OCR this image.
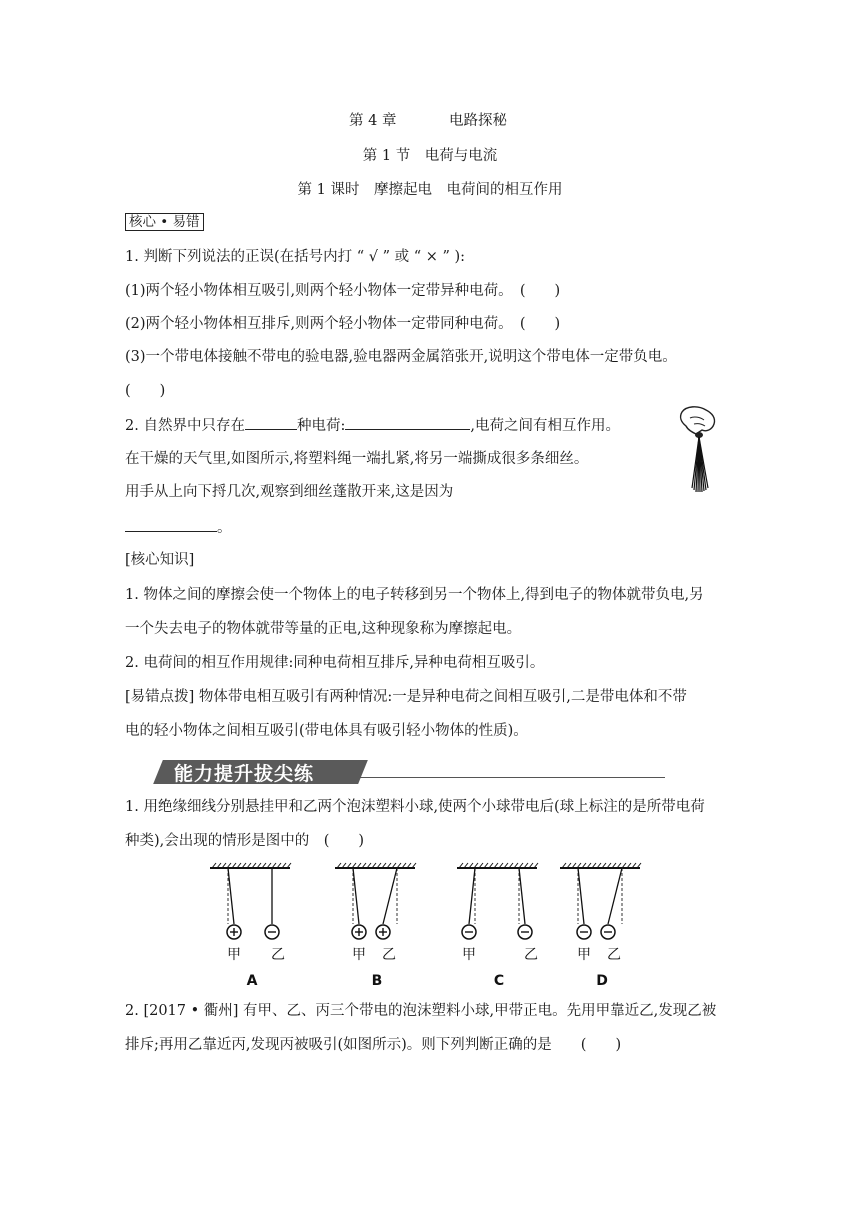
第 4 章	电路探秘
第 1 节　电荷与电流
第 1 课时　摩擦起电　电荷间的相互作用
核心 • 易错
1. 判断下列说法的正误(在括号内打 “ √ ” 或 “ × ” ):
(1)两个轻小物体相互吸引,则两个轻小物体一定带异种电荷。　(　　)
(2)两个轻小物体相互排斥,则两个轻小物体一定带同种电荷。　(　　)
(3)一个带电体接触不带电的验电器,验电器两金属箔张开,说明这个带电体一定带负电。
(　　)
2. 自然界中只存在	种电荷:	,电荷之间有相互作用。
在干燥的天气里,如图所示,将塑料绳一端扎紧,将另一端撕成很多条细丝。
用手从上向下捋几次,观察到细丝蓬散开来,这是因为
。
[核心知识]
1. 物体之间的摩擦会使一个物体上的电子转移到另一个物体上,得到电子的物体就带负电,另
一个失去电子的物体就带等量的正电,这种现象称为摩擦起电。
2. 电荷间的相互作用规律:同种电荷相互排斥,异种电荷相互吸引。
[易错点拨] 物体带电相互吸引有两种情况:一是异种电荷之间相互吸引,二是带电体和不带
电的轻小物体之间相互吸引(带电体具有吸引轻小物体的性质)。
能力提升拔尖练
1. 用绝缘细线分别悬挂甲和乙两个泡沫塑料小球,使两个小球带电后(球上标注的是所带电荷
种类),会出现的情形是图中的　(　　)
甲 乙
A
甲 乙
B
甲	乙
C
甲 乙
D
2. [2017 • 衢州] 有甲、乙、丙三个带电的泡沫塑料小球,甲带正电。先用甲靠近乙,发现乙被
排斥;再用乙靠近丙,发现丙被吸引(如图所示)。则下列判断正确的是　　(　　)
